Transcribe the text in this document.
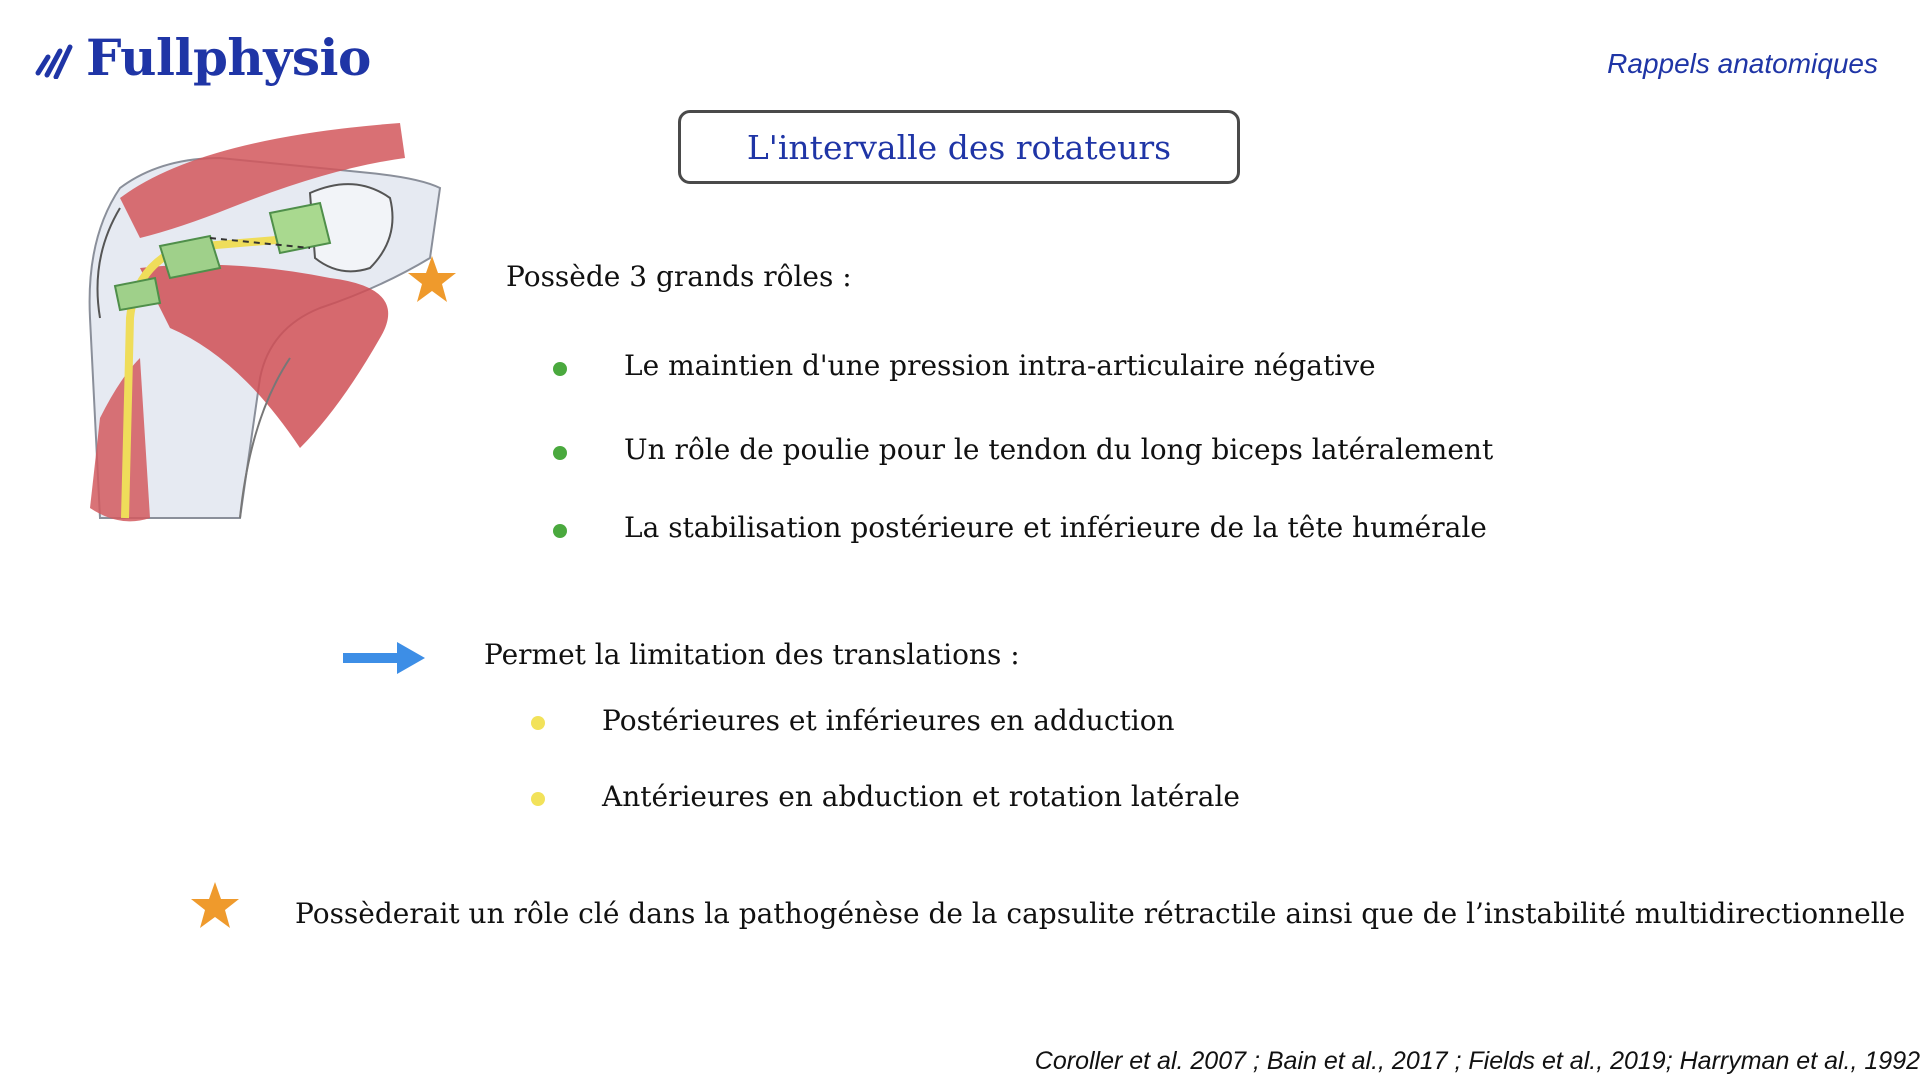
Fullphysio	Rappels anatomiques
L'intervalle des rotateurs
Possède 3 grands rôles :
Le maintien d'une pression intra-articulaire négative
Un rôle de poulie pour le tendon du long biceps latéralement
La stabilisation postérieure et inférieure de la tête humérale
Permet la limitation des translations :
Postérieures et inférieures en adduction
Antérieures en abduction et rotation latérale
Possèderait un rôle clé dans la pathogénèse de la capsulite rétractile ainsi que de l’instabilité multidirectionnelle
Coroller et al. 2007 ; Bain et al., 2017 ; Fields et al., 2019; Harryman et al., 1992
